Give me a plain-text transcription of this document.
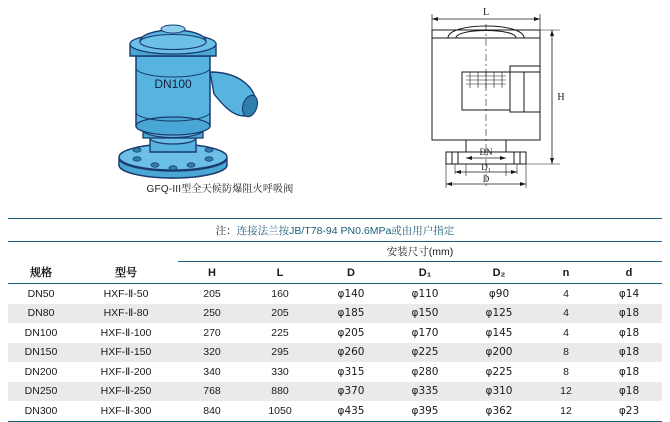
DN100
L
H
DN
$D_1$
D
GFQ-III型全天候防爆阻火呼吸阀
注：连接法兰按JB/T78-94 PN0.6MPa或由用户指定								
		安装尺寸(mm)						
规格	型号	H	L	D	D₁	D₂	n	d
DN50	HXF-Ⅱ-50	205	160	φ140	φ110	φ90	4	φ14
DN80	HXF-Ⅱ-80	250	205	φ185	φ150	φ125	4	φ18
DN100	HXF-Ⅱ-100	270	225	φ205	φ170	φ145	4	φ18
DN150	HXF-Ⅱ-150	320	295	φ260	φ225	φ200	8	φ18
DN200	HXF-Ⅱ-200	340	330	φ315	φ280	φ225	8	φ18
DN250	HXF-Ⅱ-250	768	880	φ370	φ335	φ310	12	φ18
DN300	HXF-Ⅱ-300	840	1050	φ435	φ395	φ362	12	φ23
